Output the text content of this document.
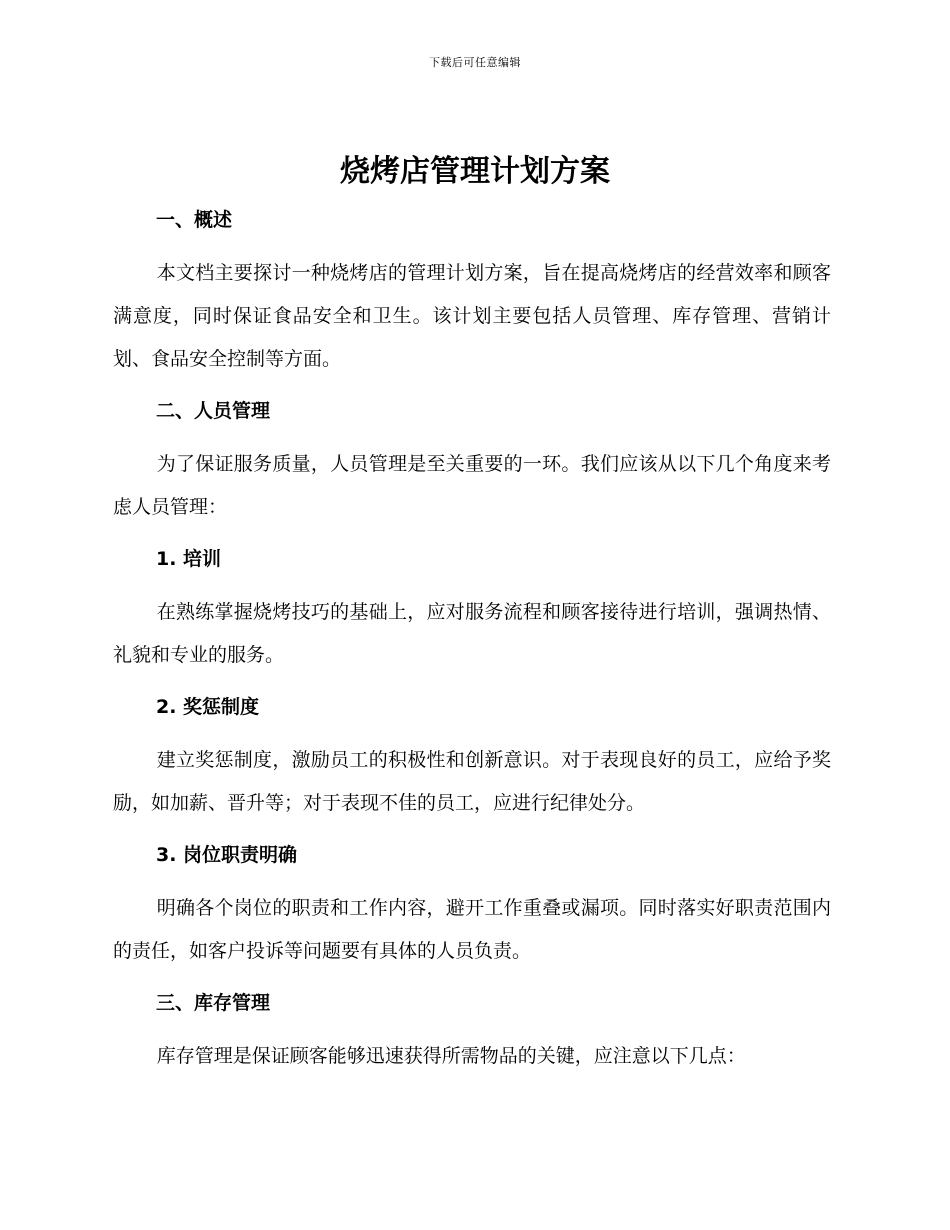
下载后可任意编辑
烧烤店管理计划方案
一、概述

本文档主要探讨一种烧烤店的管理计划方案，旨在提高烧烤店的经营效率和顾客满意度，同时保证食品安全和卫生。该计划主要包括人员管理、库存管理、营销计划、食品安全控制等方面。

二、人员管理

为了保证服务质量，人员管理是至关重要的一环。我们应该从以下几个角度来考虑人员管理：

1. 培训

在熟练掌握烧烤技巧的基础上，应对服务流程和顾客接待进行培训，强调热情、礼貌和专业的服务。

2. 奖惩制度

建立奖惩制度，激励员工的积极性和创新意识。对于表现良好的员工，应给予奖励，如加薪、晋升等；对于表现不佳的员工，应进行纪律处分。

3. 岗位职责明确

明确各个岗位的职责和工作内容，避开工作重叠或漏项。同时落实好职责范围内的责任，如客户投诉等问题要有具体的人员负责。

三、库存管理

库存管理是保证顾客能够迅速获得所需物品的关键，应注意以下几点：
